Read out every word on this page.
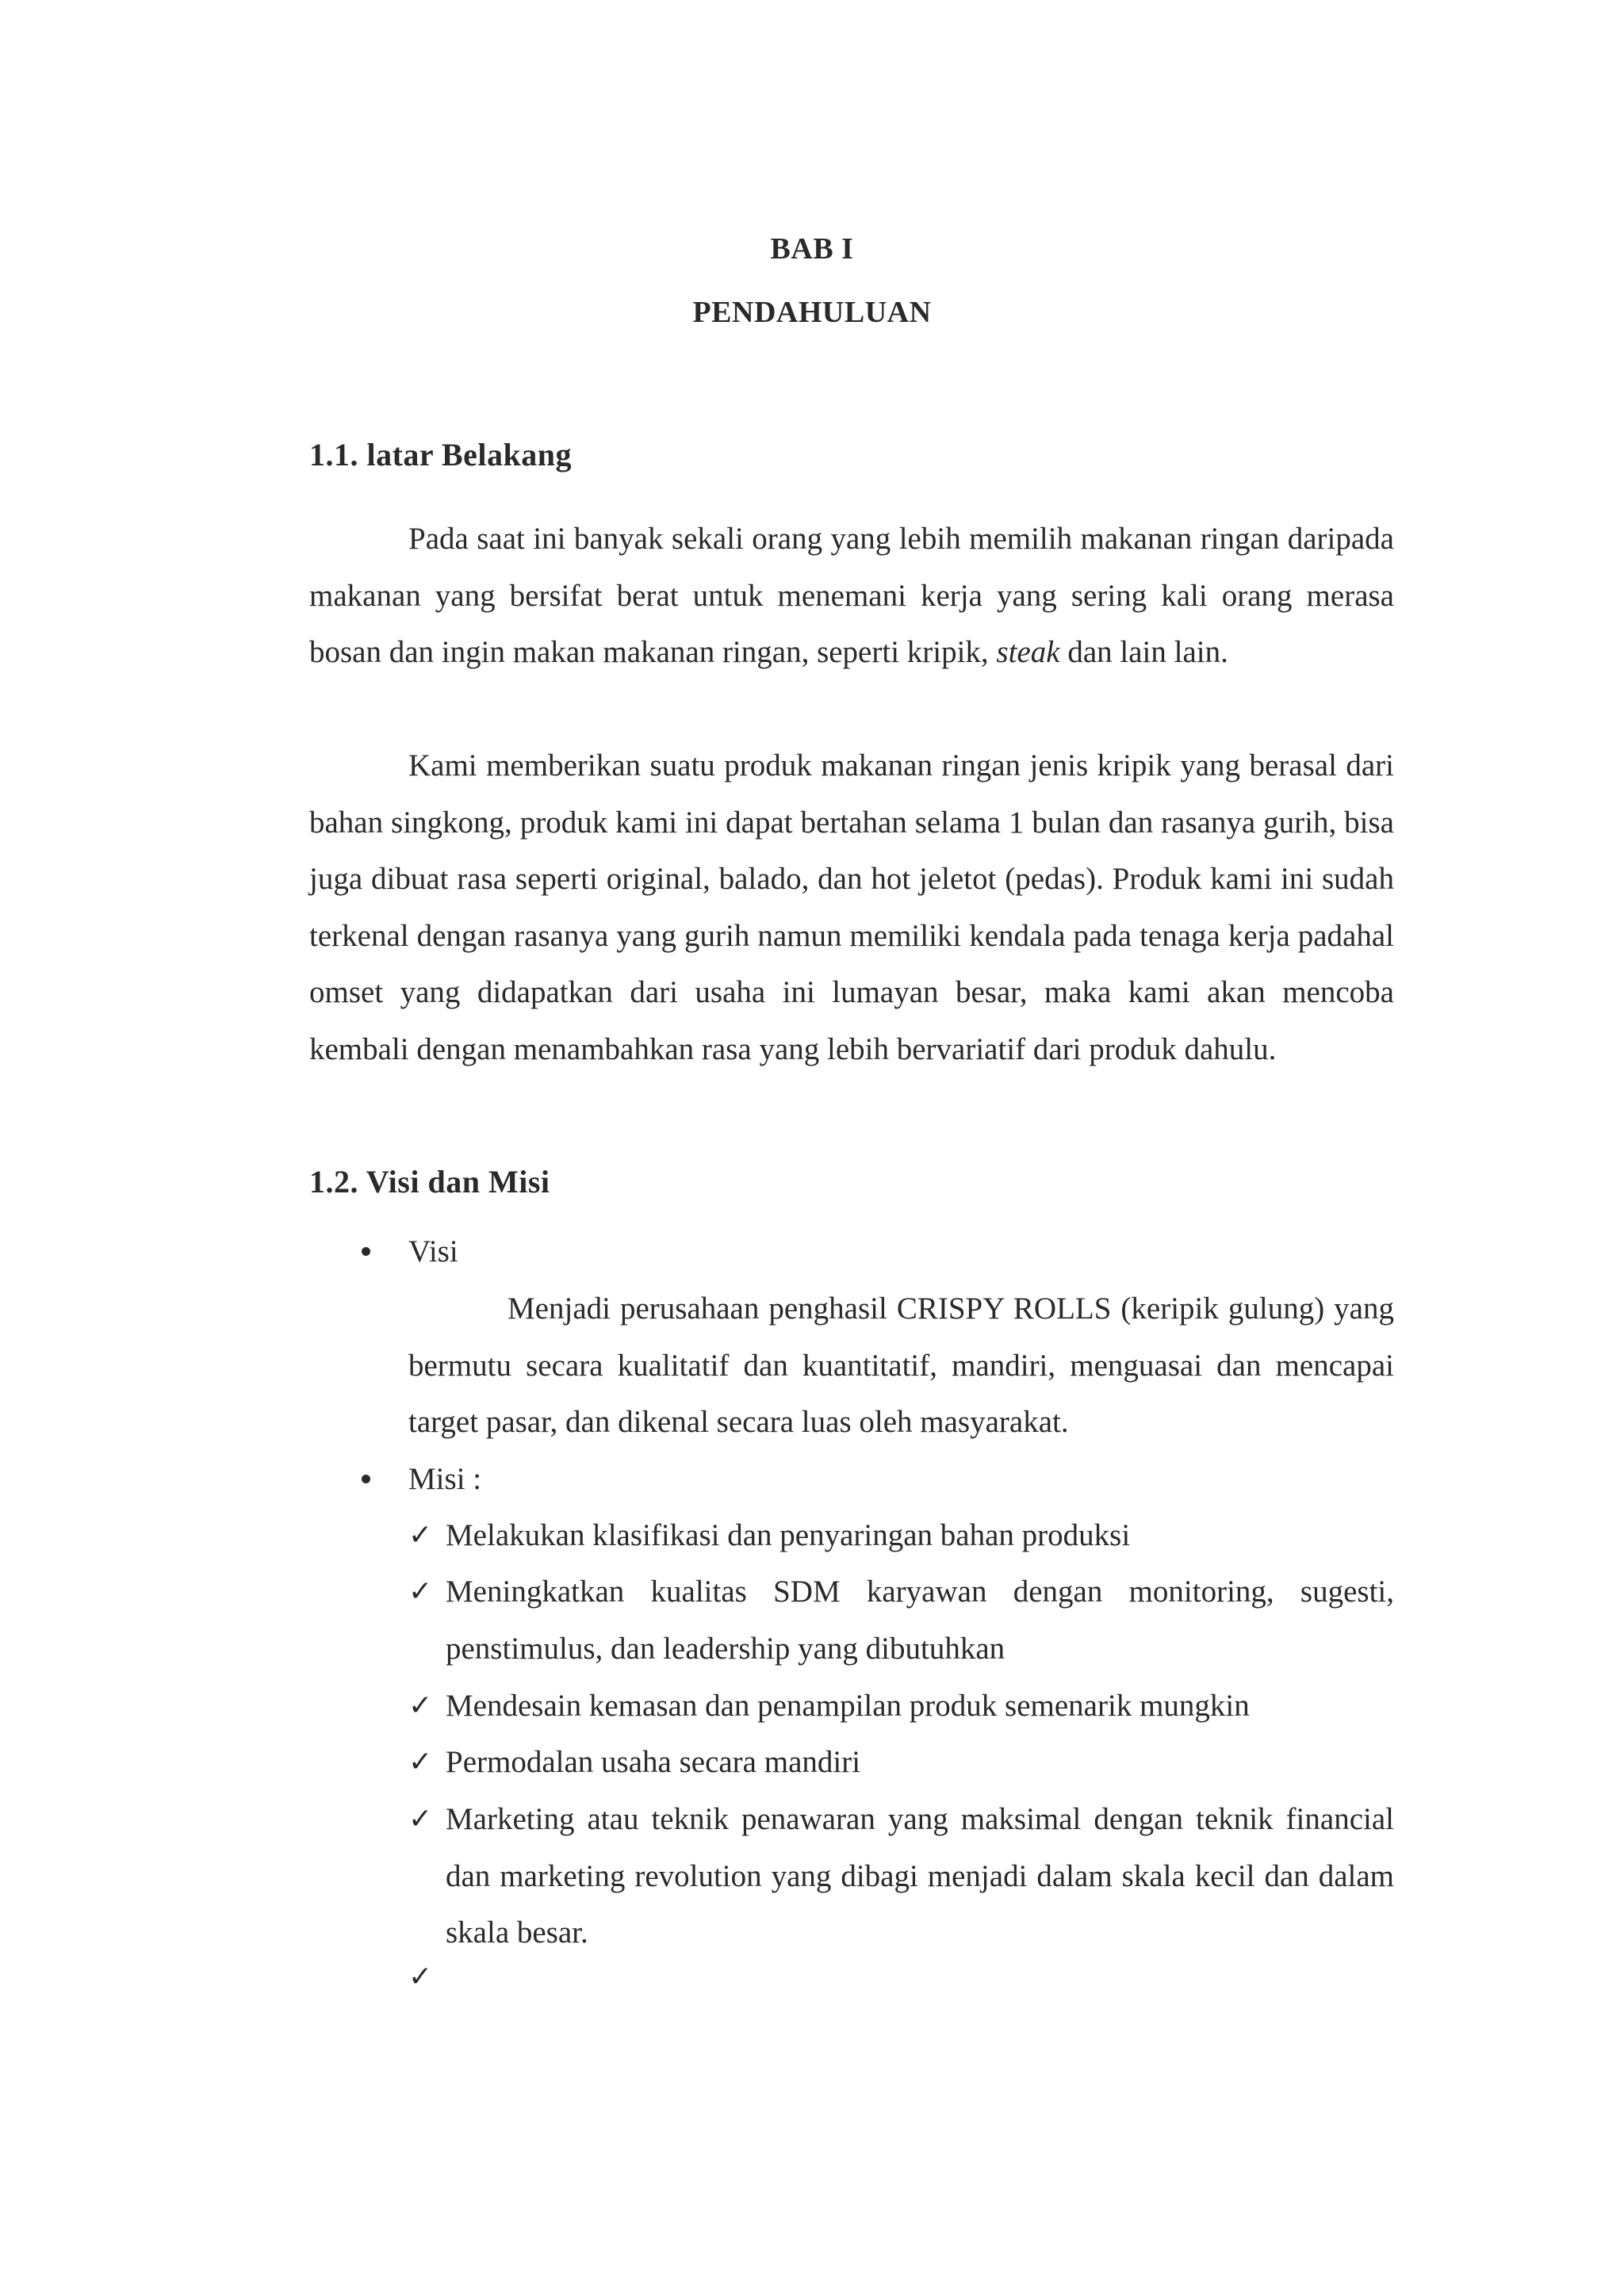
BAB I
PENDAHULUAN
1.1. latar Belakang
Pada saat ini banyak sekali orang yang lebih memilih makanan ringan daripada makanan yang bersifat berat untuk menemani kerja yang sering kali orang merasa bosan dan ingin makan makanan ringan, seperti kripik, steak dan lain lain.
Kami memberikan suatu produk makanan ringan jenis kripik yang berasal dari bahan singkong, produk kami ini dapat bertahan selama 1 bulan dan rasanya gurih, bisa juga dibuat rasa seperti original, balado, dan hot jeletot (pedas). Produk kami ini sudah terkenal dengan rasanya yang gurih namun memiliki kendala pada tenaga kerja padahal omset yang didapatkan dari usaha ini lumayan besar, maka kami akan mencoba kembali dengan menambahkan rasa yang lebih bervariatif dari produk dahulu.
1.2. Visi dan Misi
Visi
Menjadi perusahaan penghasil CRISPY ROLLS (keripik gulung) yang bermutu secara kualitatif dan kuantitatif, mandiri, menguasai dan mencapai target pasar, dan dikenal secara luas oleh masyarakat.
Misi :
✓ Melakukan klasifikasi dan penyaringan bahan produksi
✓ Meningkatkan kualitas SDM karyawan dengan monitoring, sugesti, penstimulus, dan leadership yang dibutuhkan
✓ Mendesain kemasan dan penampilan produk semenarik mungkin
✓ Permodalan usaha secara mandiri
✓ Marketing atau teknik penawaran yang maksimal dengan teknik financial dan marketing revolution yang dibagi menjadi dalam skala kecil dan dalam skala besar.
✓
